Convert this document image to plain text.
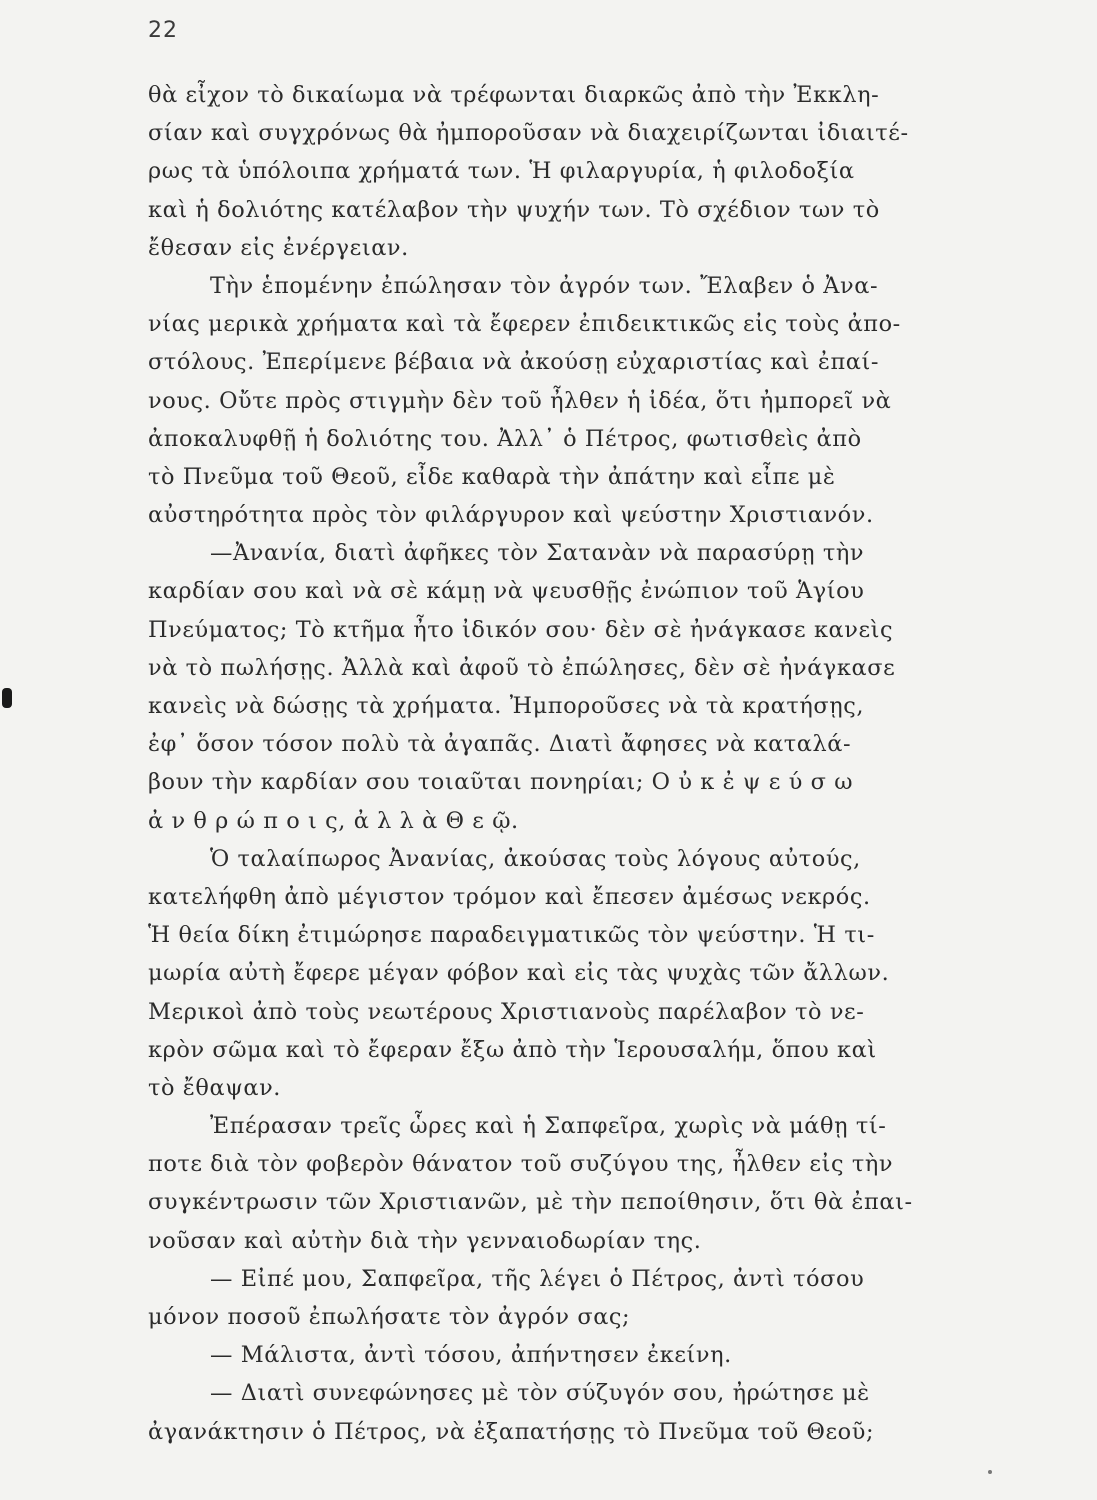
22
θὰ εἶχον τὸ δικαίωμα νὰ τρέφωνται διαρκῶς ἀπὸ τὴν Ἐκκλη-
σίαν καὶ συγχρόνως θὰ ἠμποροῦσαν νὰ διαχειρίζωνται ἰδιαιτέ-
ρως τὰ ὑπόλοιπα χρήματά των. Ἡ φιλαργυρία, ἡ φιλοδοξία
καὶ ἡ δολιότης κατέλαβον τὴν ψυχήν των. Τὸ σχέδιον των τὸ
ἔθεσαν εἰς ἐνέργειαν.
Τὴν ἑπομένην ἐπώλησαν τὸν ἀγρόν των. Ἔλαβεν ὁ Ἀνα-
νίας μερικὰ χρήματα καὶ τὰ ἔφερεν ἐπιδεικτικῶς εἰς τοὺς ἀπο-
στόλους. Ἐπερίμενε βέβαια νὰ ἀκούσῃ εὐχαριστίας καὶ ἐπαί-
νους. Οὔτε πρὸς στιγμὴν δὲν τοῦ ἦλθεν ἡ ἰδέα, ὅτι ἠμπορεῖ νὰ
ἀποκαλυφθῇ ἡ δολιότης του. Ἀλλ᾽ ὁ Πέτρος, φωτισθεὶς ἀπὸ
τὸ Πνεῦμα τοῦ Θεοῦ, εἶδε καθαρὰ τὴν ἀπάτην καὶ εἶπε μὲ
αὐστηρότητα πρὸς τὸν φιλάργυρον καὶ ψεύστην Χριστιανόν.
—Ἀνανία, διατὶ ἀφῆκες τὸν Σατανὰν νὰ παρασύρῃ τὴν
καρδίαν σου καὶ νὰ σὲ κάμῃ νὰ ψευσθῇς ἐνώπιον τοῦ Ἁγίου
Πνεύματος; Τὸ κτῆμα ἦτο ἰδικόν σου· δὲν σὲ ἠνάγκασε κανεὶς
νὰ τὸ πωλήσῃς. Ἀλλὰ καὶ ἀφοῦ τὸ ἐπώλησες, δὲν σὲ ἠνάγκασε
κανεὶς νὰ δώσῃς τὰ χρήματα. Ἠμποροῦσες νὰ τὰ κρατήσῃς,
ἐφ᾽ ὅσον τόσον πολὺ τὰ ἀγαπᾶς. Διατὶ ἄφησες νὰ καταλά-
βουν τὴν καρδίαν σου τοιαῦται πονηρίαι; Ο ὐ κ ἐ ψ ε ύ σ ω
ἀ ν θ ρ ώ π ο ι ς, ἀ λ λ ὰ Θ ε ῷ.
Ὁ ταλαίπωρος Ἀνανίας, ἀκούσας τοὺς λόγους αὐτούς,
κατελήφθη ἀπὸ μέγιστον τρόμον καὶ ἔπεσεν ἀμέσως νεκρός.
Ἡ θεία δίκη ἐτιμώρησε παραδειγματικῶς τὸν ψεύστην. Ἡ τι-
μωρία αὐτὴ ἔφερε μέγαν φόβον καὶ εἰς τὰς ψυχὰς τῶν ἄλλων.
Μερικοὶ ἀπὸ τοὺς νεωτέρους Χριστιανοὺς παρέλαβον τὸ νε-
κρὸν σῶμα καὶ τὸ ἔφεραν ἔξω ἀπὸ τὴν Ἱερουσαλήμ, ὅπου καὶ
τὸ ἔθαψαν.
Ἐπέρασαν τρεῖς ὧρες καὶ ἡ Σαπφεῖρα, χωρὶς νὰ μάθῃ τί-
ποτε διὰ τὸν φοβερὸν θάνατον τοῦ συζύγου της, ἦλθεν εἰς τὴν
συγκέντρωσιν τῶν Χριστιανῶν, μὲ τὴν πεποίθησιν, ὅτι θὰ ἐπαι-
νοῦσαν καὶ αὐτὴν διὰ τὴν γενναιοδωρίαν της.
— Εἰπέ μου, Σαπφεῖρα, τῆς λέγει ὁ Πέτρος, ἀντὶ τόσου
μόνον ποσοῦ ἐπωλήσατε τὸν ἀγρόν σας;
— Μάλιστα, ἀντὶ τόσου, ἀπήντησεν ἐκείνη.
— Διατὶ συνεφώνησες μὲ τὸν σύζυγόν σου, ἠρώτησε μὲ
ἀγανάκτησιν ὁ Πέτρος, νὰ ἐξαπατήσῃς τὸ Πνεῦμα τοῦ Θεοῦ;
